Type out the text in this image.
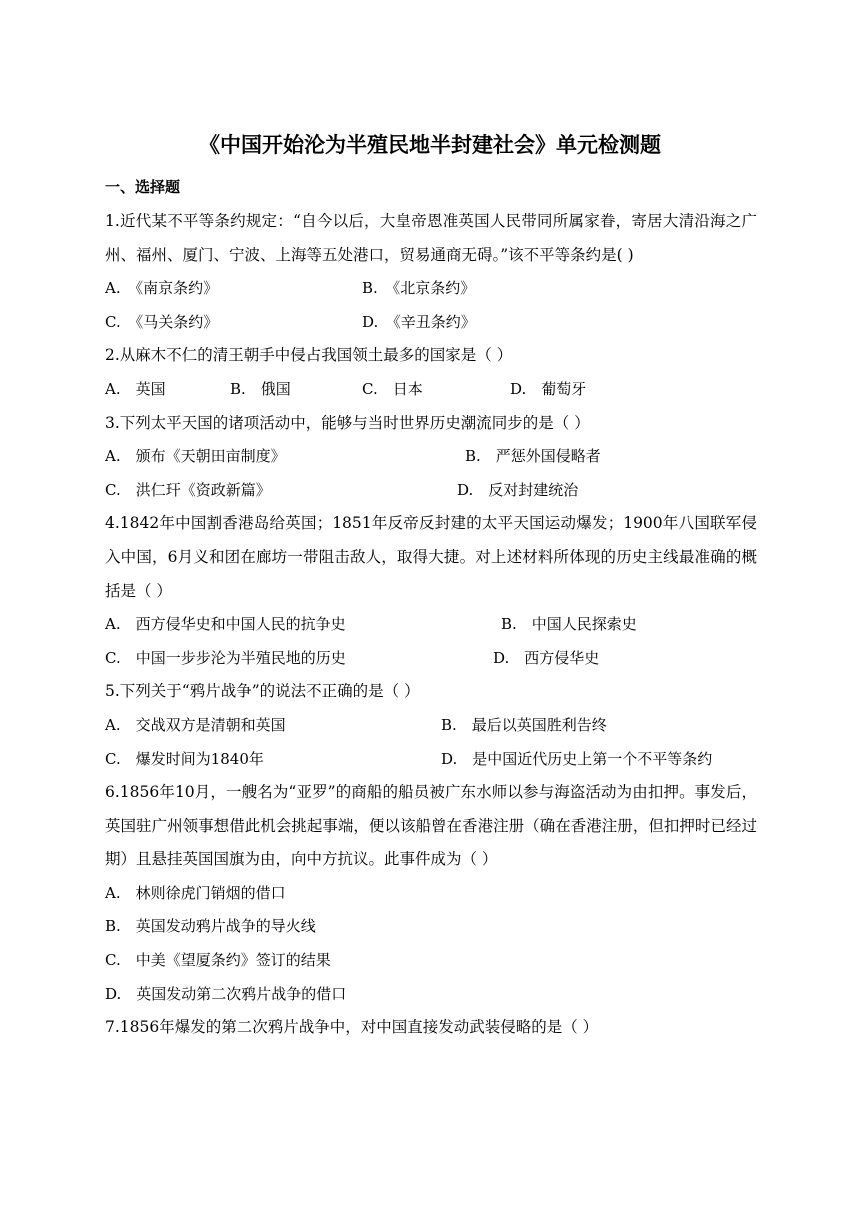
《中国开始沦为半殖民地半封建社会》单元检测题
一、选择题
1.近代某不平等条约规定：“自今以后，大皇帝恩准英国人民带同所属家眷，寄居大清沿海之广州、福州、厦门、宁波、上海等五处港口，贸易通商无碍。”该不平等条约是( )
A.　《南京条约》	B.　《北京条约》
C.　《马关条约》	D.　《辛丑条约》
2.从麻木不仁的清王朝手中侵占我国领土最多的国家是（ ）
A.　英国	B.　俄国	C.　日本	D.　葡萄牙
3.下列太平天国的诸项活动中，能够与当时世界历史潮流同步的是（ ）
A.　颁布《天朝田亩制度》	B.　严惩外国侵略者
C.　洪仁玕《资政新篇》	D.　反对封建统治
4.1842年中国割香港岛给英国；1851年反帝反封建的太平天国运动爆发；1900年八国联军侵入中国，6月义和团在廊坊一带阻击敌人，取得大捷。对上述材料所体现的历史主线最准确的概括是（ ）
A.　西方侵华史和中国人民的抗争史	B.　中国人民探索史
C.　中国一步步沦为半殖民地的历史	D.　西方侵华史
5.下列关于“鸦片战争”的说法不正确的是（ ）
A.　交战双方是清朝和英国	B.　最后以英国胜利告终
C.　爆发时间为1840年	D.　是中国近代历史上第一个不平等条约
6.1856年10月，一艘名为“亚罗”的商船的船员被广东水师以参与海盗活动为由扣押。事发后，英国驻广州领事想借此机会挑起事端，便以该船曾在香港注册（确在香港注册，但扣押时已经过期）且悬挂英国国旗为由，向中方抗议。此事件成为（ ）
A.　林则徐虎门销烟的借口
B.　英国发动鸦片战争的导火线
C.　中美《望厦条约》签订的结果
D.　英国发动第二次鸦片战争的借口
7.1856年爆发的第二次鸦片战争中，对中国直接发动武装侵略的是（ ）
